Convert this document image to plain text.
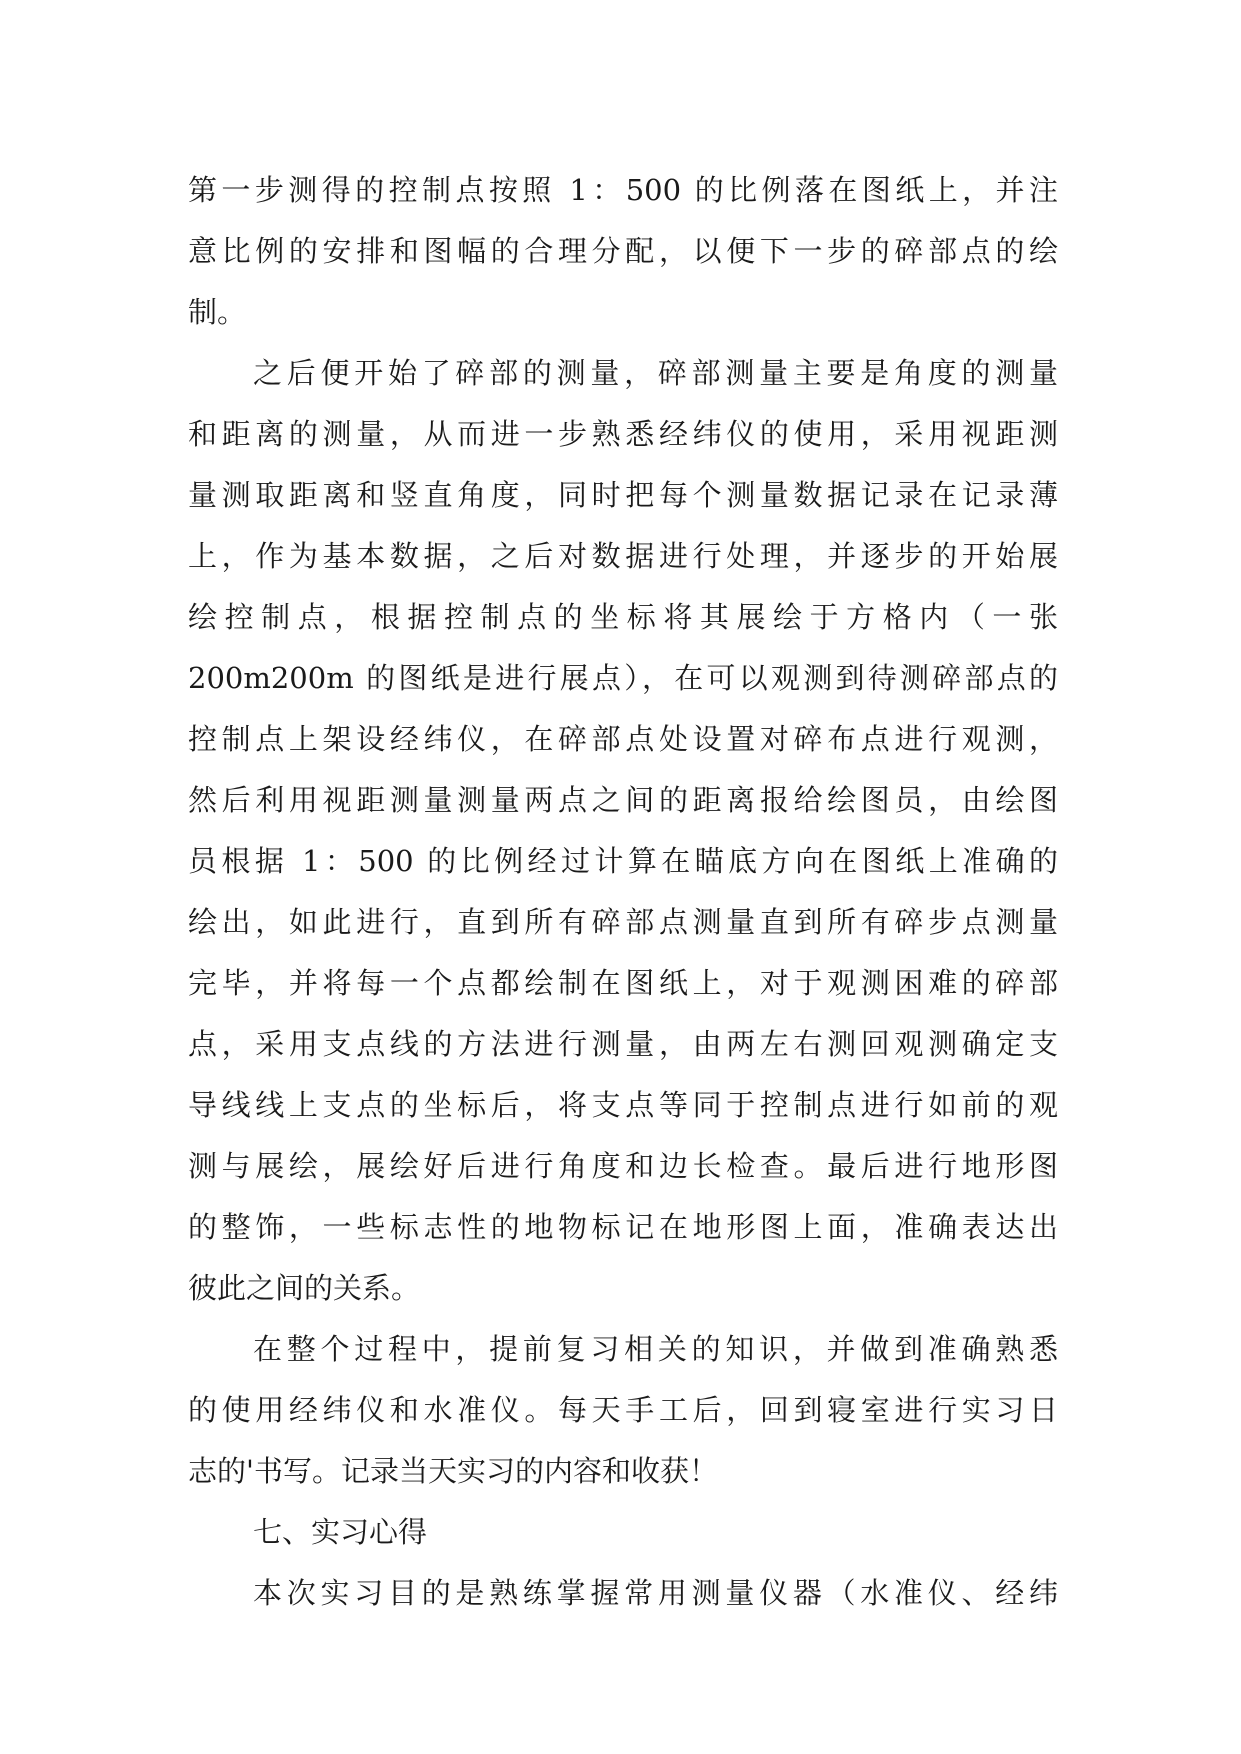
第一步测得的控制点按照 1：500 的比例落在图纸上，并注
意比例的安排和图幅的合理分配，以便下一步的碎部点的绘
制。
之后便开始了碎部的测量，碎部测量主要是角度的测量
和距离的测量，从而进一步熟悉经纬仪的使用，采用视距测
量测取距离和竖直角度，同时把每个测量数据记录在记录薄
上，作为基本数据，之后对数据进行处理，并逐步的开始展
绘控制点，根据控制点的坐标将其展绘于方格内（一张
200m200m 的图纸是进行展点），在可以观测到待测碎部点的
控制点上架设经纬仪，在碎部点处设置对碎布点进行观测，
然后利用视距测量测量两点之间的距离报给绘图员，由绘图
员根据 1：500 的比例经过计算在瞄底方向在图纸上准确的
绘出，如此进行，直到所有碎部点测量直到所有碎步点测量
完毕，并将每一个点都绘制在图纸上，对于观测困难的碎部
点，采用支点线的方法进行测量，由两左右测回观测确定支
导线线上支点的坐标后，将支点等同于控制点进行如前的观
测与展绘，展绘好后进行角度和边长检查。最后进行地形图
的整饰，一些标志性的地物标记在地形图上面，准确表达出
彼此之间的关系。
在整个过程中，提前复习相关的知识，并做到准确熟悉
的使用经纬仪和水准仪。每天手工后，回到寝室进行实习日
志的'书写。记录当天实习的内容和收获！
七、实习心得
本次实习目的是熟练掌握常用测量仪器（水准仪、经纬
